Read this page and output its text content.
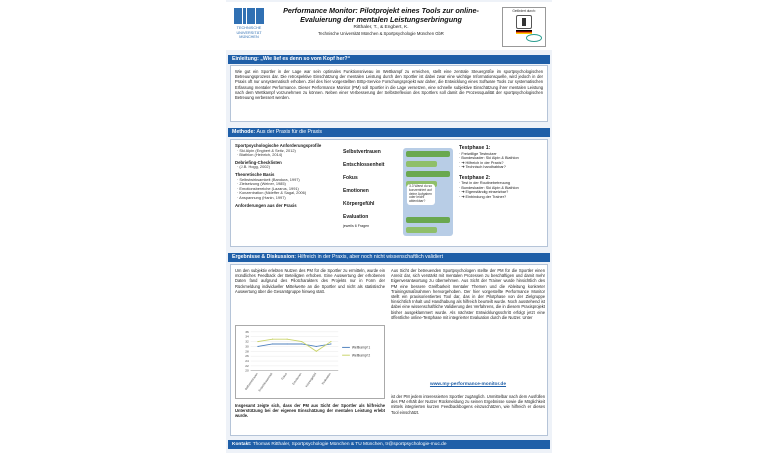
TECHNISCHE UNIVERSITÄT MÜNCHEN
Performance Monitor: Pilotprojekt eines Tools zur online-Evaluierung der mentalen Leistungserbringung
Ritthaler, T., & Engbert, K.
Technische Universität München & Sportpsychologie München GbR
Gefördert durch:
Einleitung: „Wie lief es denn so vom Kopf her?“
Wie gut ein Sportler in der Lage war sein optimales Funktionsniveau im Wettkampf zu erreichen, stellt eine zentrale Steuergröße im sportpsychologischen Betreuungsprozess dar. Die retrospektive Einschätzung der mentalen Leistung durch den Sportler ist dabei zwar eine wichtige Informationsquelle, wird jedoch in der Praxis oft nur unsystematisch erhoben. Ziel des hier vorgestellten BISp-Service Forschungsprojekt war daher, die Entwicklung eines Software Tools zur systematischen Erfassung mentaler Performance. Dieser Performance Monitor (PM) soll Sportler in die Lage versetzen, eine schnelle subjektive Einschätzung ihrer mentalen Leistung nach dem Wettkampf vorzunehmen zu können. Neben einer Verbesserung der Selbstreflexion des Sportlers soll damit die Prozessqualität der sportpsychologischen Betreuung verbessert werden.
Methode: Aus der Praxis für die Praxis
Sportpsychologische Anforderungsprofile
· Ski Alpin (Engbert & Seitz, 2012)
· Biathlon (Heinrich, 2014)
Debriefing-Checklisten
· (J.B. Hogg, 2002)
Theoretische Basis
· Selbstwirksamkeit (Bandura, 1997)
· Zielsetzung (Weiner, 1985)
· Emotionsbereiche (Lazarus, 1991)
· Konzentration (Nideffer & Sagal, 2006)
· Anspannung (Hanin, 1997)
Anforderungen aus der Praxis
Selbstvertrauen
Entschlossenheit
Fokus
Emotionen
Körpergefühl
Evaluation
jeweils 6 Fragen
3.3 Warst du so konzentriert auf deine Aufgaben oder leicht ablenkbar?
Testphase 1:
· Freiwillige Testnutzer
· Bundeskader: Ski Alpin & Biathlon
· ➔ Hilfreich in der Praxis?
· ➔ Technisch handhabbar?
Testphase 2:
· Test in der Routinebetreuung
· Bundeskader: Ski Alpin & Biathlon
· ➔ Eigenständig einsetzbar?
· ➔ Einbindung der Trainer?
Ergebnisse & Diskussion: Hilfreich in der Praxis, aber noch nicht wissenschaftlich validiert
Um den subjektiv erlebten Nutzen des PM für die Sportler zu ermitteln, wurde ein mündliches Feedback der Beteiligten erhoben. Eine Auswertung der erhobenen Daten fand aufgrund des Pilotcharakters des Projekts nur in Form der Rückmeldung individueller Mittelwerte an die Sportler und nicht als statistische Auswertung über die Gesamtgruppe hinweg statt.
20
22
24
26
28
30
32
34
36
Selbstvertrauen
Entschlossenheit Fokus Emotionen Körpergefühl Evaluation
Wettkampf 1
Wettkampf 2
Insgesamt zeigte sich, dass der PM aus Sicht der Sportler als hilfreiche Unterstützung bei der eigenen Einschätzung der mentalen Leistung erlebt wurde.
Aus Sicht der betreuenden Sportpsychologen stellte der PM für die Sportler einen Anreiz dar, sich verstärkt mit mentalen Prozessen zu beschäftigen und damit mehr Eigenverantwortung zu übernehmen. Aus Sicht der Trainer wurde hinsichtlich des PM eine bessere Greifbarkeit mentaler Themen und die Ableitung konkreter Trainingsmaßnahmen hervorgehoben. Der hier vorgestellte Performance Monitor stellt ein praxisorientiertes Tool dar, das in der Pilotphase von der Zielgruppe hinsichtlich Inhalt und Handhabung als hilfreich beurteilt wurde. Noch ausstehend ist dabei eine wissenschaftliche Validierung des Verfahrens, die in diesem Praxisprojekt bisher ausgeklammert wurde. Als nächster Entwicklungsschritt erfolgt jetzt eine öffentliche online-Testphase mit integrierter Evaluation durch die Nutzer. Unter
www.my-performance-monitor.de
ist der PM jedem interessierten Sportler zugänglich. Unmittelbar nach dem Ausfüllen des PM erhält der Nutzer Rückmeldung zu seinen Ergebnisse sowie die Möglichkeit mittels integrierten kurzen Feedbackbogens einzuschätzen, wie hilfreich er dieses Tool einschätzt.
Kontakt: Thomas Ritthaler, Sportpsychologie München & TU München, tr@sportpsychologie-muc.de
